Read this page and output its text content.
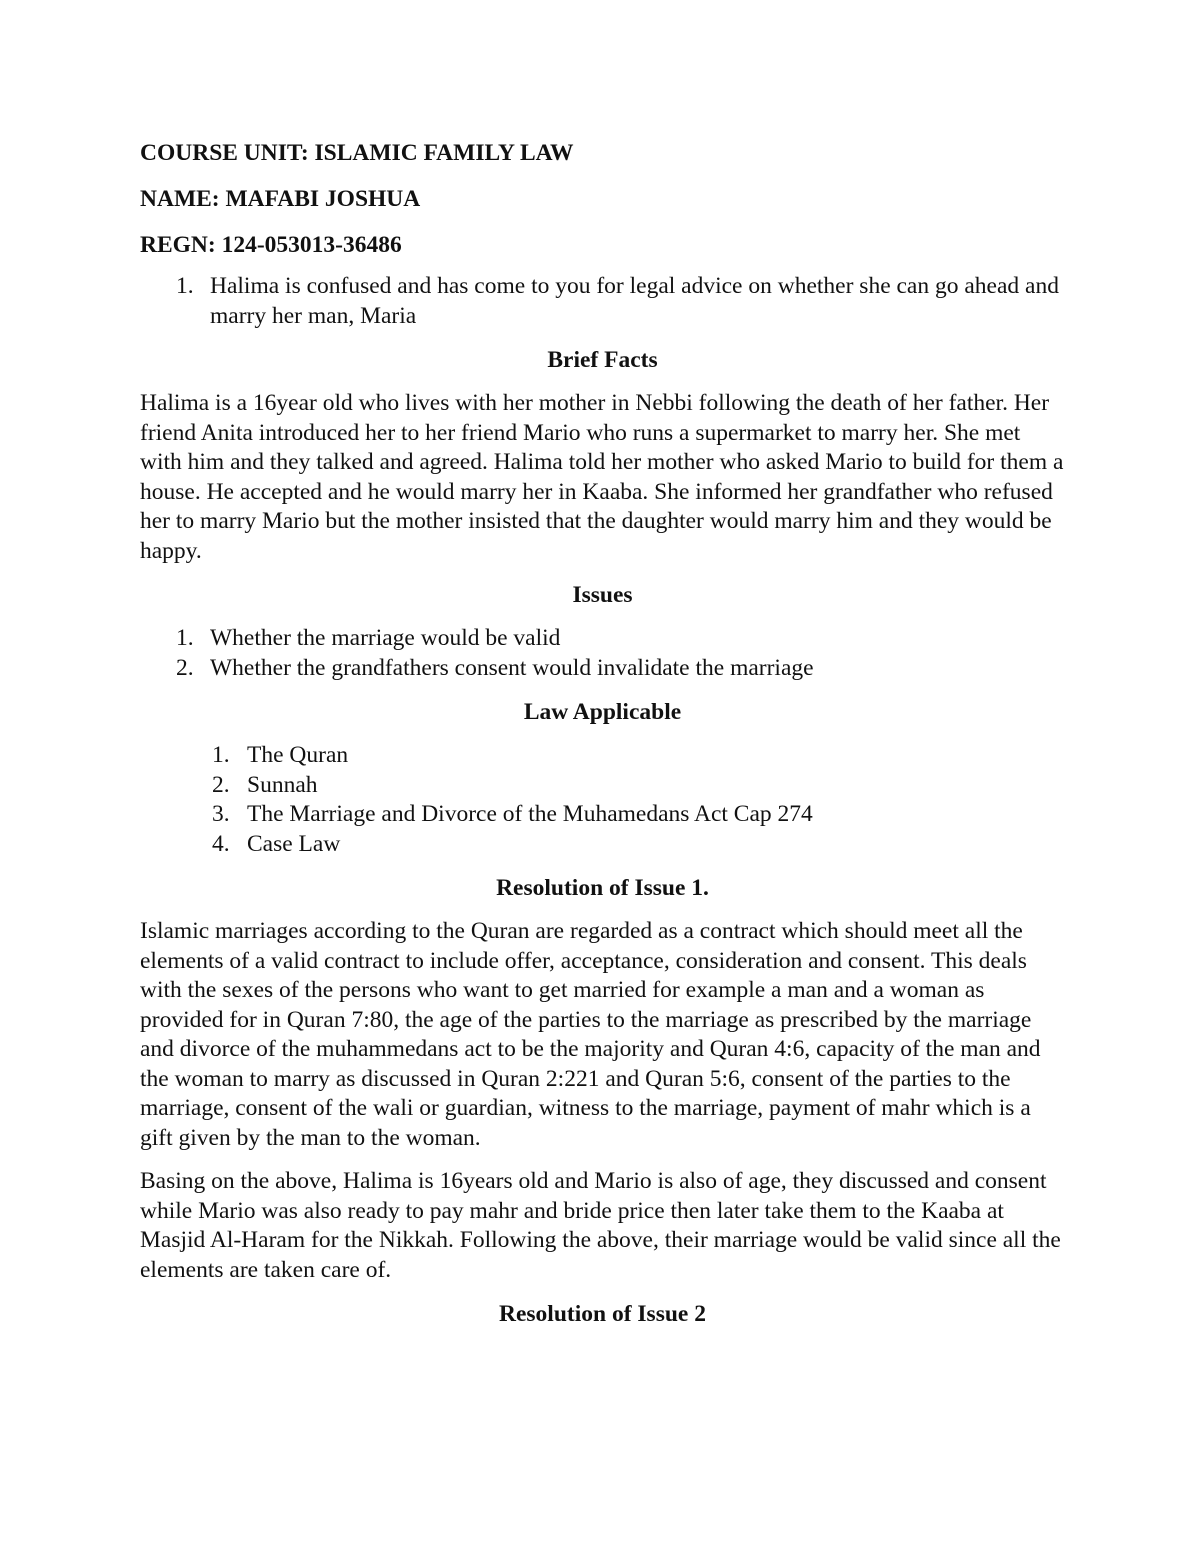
COURSE UNIT: ISLAMIC FAMILY LAW
NAME: MAFABI JOSHUA
REGN: 124-053013-36486
1. Halima is confused and has come to you for legal advice on whether she can go ahead and marry her man, Maria
Brief Facts

Halima is a 16year old who lives with her mother in Nebbi following the death of her father. Her friend Anita introduced her to her friend Mario who runs a supermarket to marry her. She met with him and they talked and agreed. Halima told her mother who asked Mario to build for them a house. He accepted and he would marry her in Kaaba. She informed her grandfather who refused her to marry Mario but the mother insisted that the daughter would marry him and they would be happy.

Issues
1. Whether the marriage would be valid
2. Whether the grandfathers consent would invalidate the marriage
Law Applicable
1. The Quran
2. Sunnah
3. The Marriage and Divorce of the Muhamedans Act Cap 274
4. Case Law
Resolution of Issue 1.

Islamic marriages according to the Quran are regarded as a contract which should meet all the elements of a valid contract to include offer, acceptance, consideration and consent. This deals with the sexes of the persons who want to get married for example a man and a woman as provided for in Quran 7:80, the age of the parties to the marriage as prescribed by the marriage and divorce of the muhammedans act to be the majority and Quran 4:6, capacity of the man and the woman to marry as discussed in Quran 2:221 and Quran 5:6, consent of the parties to the marriage, consent of the wali or guardian, witness to the marriage, payment of mahr which is a gift given by the man to the woman.

Basing on the above, Halima is 16years old and Mario is also of age, they discussed and consent while Mario was also ready to pay mahr and bride price then later take them to the Kaaba at Masjid Al-Haram for the Nikkah. Following the above, their marriage would be valid since all the elements are taken care of.

Resolution of Issue 2
